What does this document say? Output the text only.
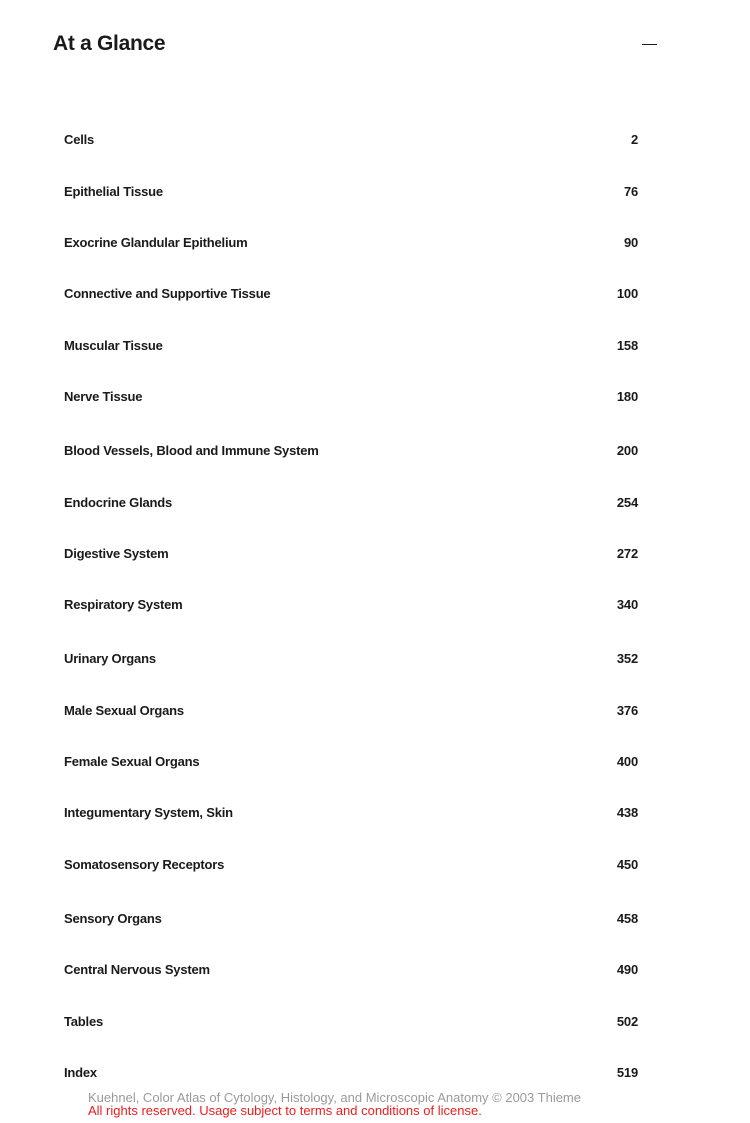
At a Glance
Cells	2
Epithelial Tissue	76
Exocrine Glandular Epithelium	90
Connective and Supportive Tissue	100
Muscular Tissue	158
Nerve Tissue	180
Blood Vessels, Blood and Immune System	200
Endocrine Glands	254
Digestive System	272
Respiratory System	340
Urinary Organs	352
Male Sexual Organs	376
Female Sexual Organs	400
Integumentary System, Skin	438
Somatosensory Receptors	450
Sensory Organs	458
Central Nervous System	490
Tables	502
Index	519
Kuehnel, Color Atlas of Cytology, Histology, and Microscopic Anatomy © 2003 Thieme
All rights reserved. Usage subject to terms and conditions of license.
